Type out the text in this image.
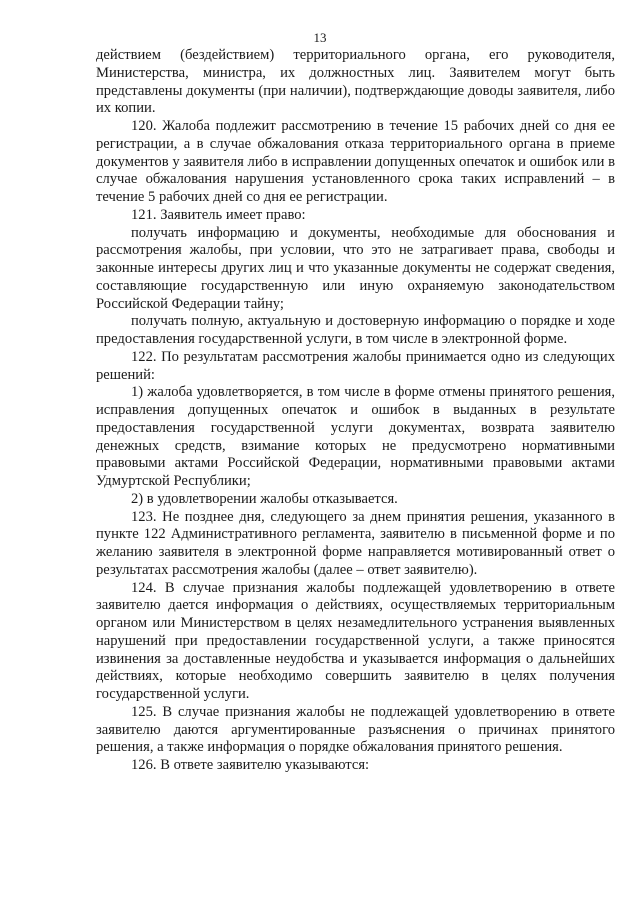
13

действием (бездействием) территориального органа, его руководителя, Министерства, министра, их должностных лиц. Заявителем могут быть представлены документы (при наличии), подтверждающие доводы заявителя, либо их копии.

120. Жалоба подлежит рассмотрению в течение 15 рабочих дней со дня ее регистрации, а в случае обжалования отказа территориального органа в приеме документов у заявителя либо в исправлении допущенных опечаток и ошибок или в случае обжалования нарушения установленного срока таких исправлений – в течение 5 рабочих дней со дня ее регистрации.

121. Заявитель имеет право:

получать информацию и документы, необходимые для обоснования и рассмотрения жалобы, при условии, что это не затрагивает права, свободы и законные интересы других лиц и что указанные документы не содержат сведения, составляющие государственную или иную охраняемую законодательством Российской Федерации тайну;

получать полную, актуальную и достоверную информацию о порядке и ходе предоставления государственной услуги, в том числе в электронной форме.

122. По результатам рассмотрения жалобы принимается одно из следующих решений:

1) жалоба удовлетворяется, в том числе в форме отмены принятого решения, исправления допущенных опечаток и ошибок в выданных в результате предоставления государственной услуги документах, возврата заявителю денежных средств, взимание которых не предусмотрено нормативными правовыми актами Российской Федерации, нормативными правовыми актами Удмуртской Республики;

2) в удовлетворении жалобы отказывается.

123. Не позднее дня, следующего за днем принятия решения, указанного в пункте 122 Административного регламента, заявителю в письменной форме и по желанию заявителя в электронной форме направляется мотивированный ответ о результатах рассмотрения жалобы (далее – ответ заявителю).

124. В случае признания жалобы подлежащей удовлетворению в ответе заявителю дается информация о действиях, осуществляемых территориальным органом или Министерством в целях незамедлительного устранения выявленных нарушений при предоставлении государственной услуги, а также приносятся извинения за доставленные неудобства и указывается информация о дальнейших действиях, которые необходимо совершить заявителю в целях получения государственной услуги.

125. В случае признания жалобы не подлежащей удовлетворению в ответе заявителю даются аргументированные разъяснения о причинах принятого решения, а также информация о порядке обжалования принятого решения.

126. В ответе заявителю указываются:
